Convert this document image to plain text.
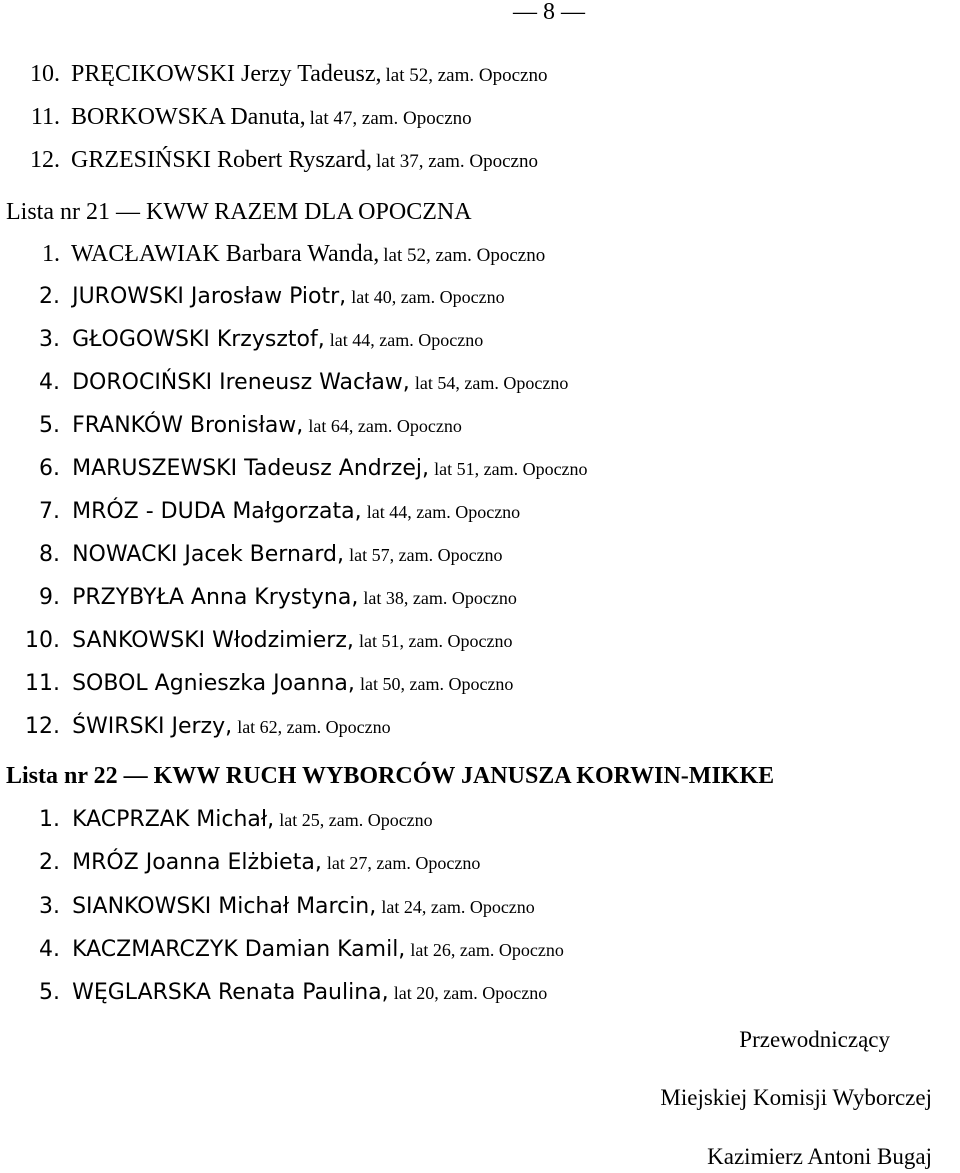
— 8 —
10. PRĘCIKOWSKI Jerzy Tadeusz, lat 52, zam. Opoczno
11. BORKOWSKA Danuta, lat 47, zam. Opoczno
12. GRZESIŃSKI Robert Ryszard, lat 37, zam. Opoczno
Lista nr 21 — KWW RAZEM DLA OPOCZNA
1. WACŁAWIAK Barbara Wanda, lat 52, zam. Opoczno
2. JUROWSKI Jarosław Piotr, lat 40, zam. Opoczno
3. GŁOGOWSKI Krzysztof, lat 44, zam. Opoczno
4. DOROCIŃSKI Ireneusz Wacław, lat 54, zam. Opoczno
5. FRANKÓW Bronisław, lat 64, zam. Opoczno
6. MARUSZEWSKI Tadeusz Andrzej, lat 51, zam. Opoczno
7. MRÓZ - DUDA Małgorzata, lat 44, zam. Opoczno
8. NOWACKI Jacek Bernard, lat 57, zam. Opoczno
9. PRZYBYŁA Anna Krystyna, lat 38, zam. Opoczno
10. SANKOWSKI Włodzimierz, lat 51, zam. Opoczno
11. SOBOL Agnieszka Joanna, lat 50, zam. Opoczno
12. ŚWIRSKI Jerzy, lat 62, zam. Opoczno
Lista nr 22 — KWW RUCH WYBORCÓW JANUSZA KORWIN-MIKKE
1. KACPRZAK Michał, lat 25, zam. Opoczno
2. MRÓZ Joanna Elżbieta, lat 27, zam. Opoczno
3. SIANKOWSKI Michał Marcin, lat 24, zam. Opoczno
4. KACZMARCZYK Damian Kamil, lat 26, zam. Opoczno
5. WĘGLARSKA Renata Paulina, lat 20, zam. Opoczno
Przewodniczący
Miejskiej Komisji Wyborczej
Kazimierz Antoni Bugaj
